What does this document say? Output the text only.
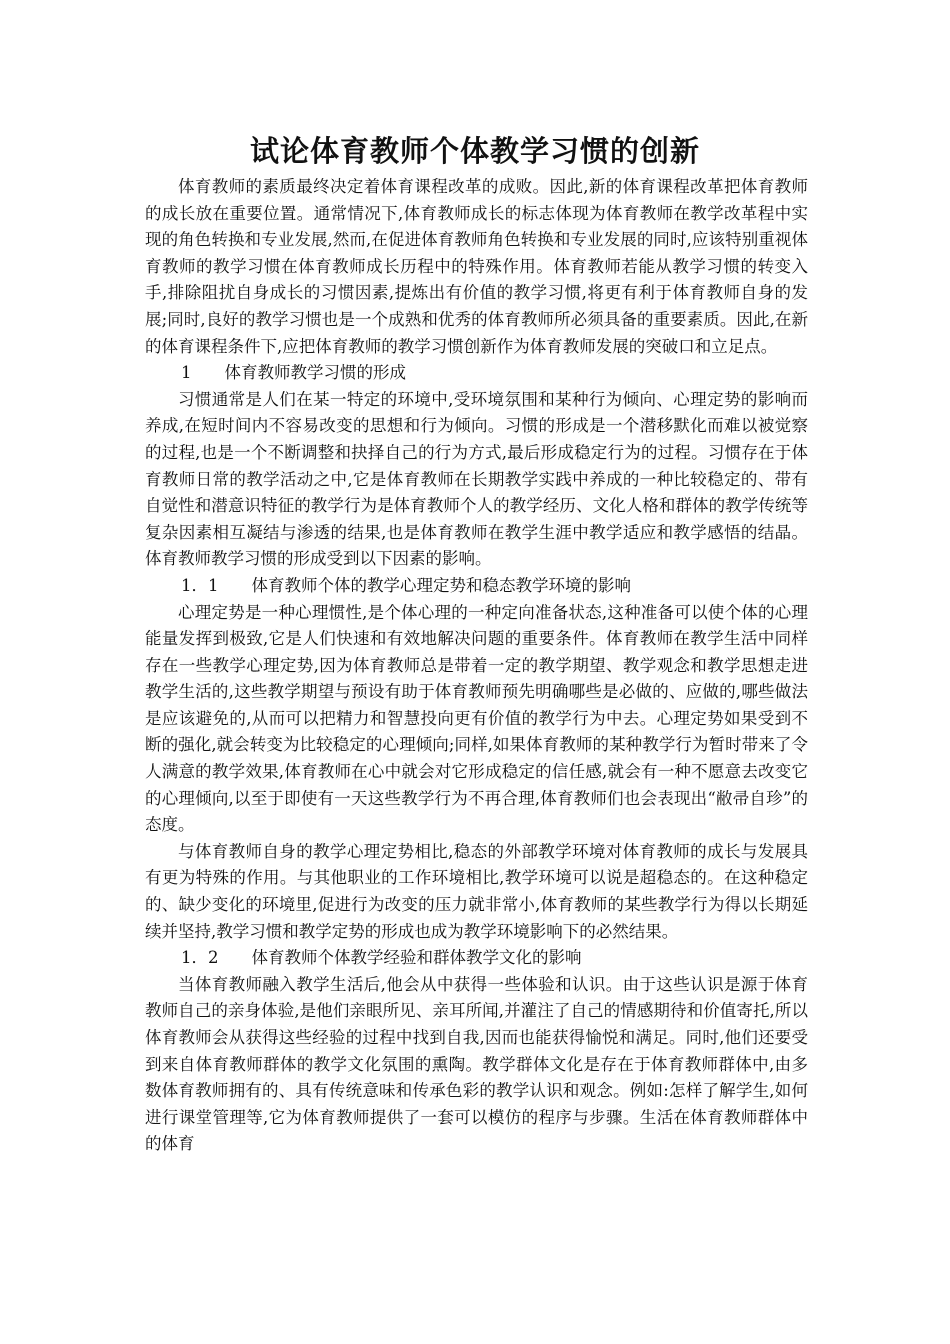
试论体育教师个体教学习惯的创新

体育教师的素质最终决定着体育课程改革的成败。因此,新的体育课程改革把体育教师的成长放在重要位置。通常情况下,体育教师成长的标志体现为体育教师在教学改革程中实现的角色转换和专业发展,然而,在促进体育教师角色转换和专业发展的同时,应该特别重视体育教师的教学习惯在体育教师成长历程中的特殊作用。体育教师若能从教学习惯的转变入手,排除阻扰自身成长的习惯因素,提炼出有价值的教学习惯,将更有利于体育教师自身的发展;同时,良好的教学习惯也是一个成熟和优秀的体育教师所必须具备的重要素质。因此,在新的体育课程条件下,应把体育教师的教学习惯创新作为体育教师发展的突破口和立足点。

1　　体育教师教学习惯的形成

习惯通常是人们在某一特定的环境中,受环境氛围和某种行为倾向、心理定势的影响而养成,在短时间内不容易改变的思想和行为倾向。习惯的形成是一个潜移默化而难以被觉察的过程,也是一个不断调整和抉择自己的行为方式,最后形成稳定行为的过程。习惯存在于体育教师日常的教学活动之中,它是体育教师在长期教学实践中养成的一种比较稳定的、带有自觉性和潜意识特征的教学行为是体育教师个人的教学经历、文化人格和群体的教学传统等复杂因素相互凝结与渗透的结果,也是体育教师在教学生涯中教学适应和教学感悟的结晶。体育教师教学习惯的形成受到以下因素的影响。

1．1　　体育教师个体的教学心理定势和稳态教学环境的影响

心理定势是一种心理惯性,是个体心理的一种定向准备状态,这种准备可以使个体的心理能量发挥到极致,它是人们快速和有效地解决问题的重要条件。体育教师在教学生活中同样存在一些教学心理定势,因为体育教师总是带着一定的教学期望、教学观念和教学思想走进教学生活的,这些教学期望与预设有助于体育教师预先明确哪些是必做的、应做的,哪些做法是应该避免的,从而可以把精力和智慧投向更有价值的教学行为中去。心理定势如果受到不断的强化,就会转变为比较稳定的心理倾向;同样,如果体育教师的某种教学行为暂时带来了令人满意的教学效果,体育教师在心中就会对它形成稳定的信任感,就会有一种不愿意去改变它的心理倾向,以至于即使有一天这些教学行为不再合理,体育教师们也会表现出“敝帚自珍”的态度。

与体育教师自身的教学心理定势相比,稳态的外部教学环境对体育教师的成长与发展具有更为特殊的作用。与其他职业的工作环境相比,教学环境可以说是超稳态的。在这种稳定的、缺少变化的环境里,促进行为改变的压力就非常小,体育教师的某些教学行为得以长期延续并坚持,教学习惯和教学定势的形成也成为教学环境影响下的必然结果。

1．2　　体育教师个体教学经验和群体教学文化的影响

当体育教师融入教学生活后,他会从中获得一些体验和认识。由于这些认识是源于体育教师自己的亲身体验,是他们亲眼所见、亲耳所闻,并灌注了自己的情感期待和价值寄托,所以体育教师会从获得这些经验的过程中找到自我,因而也能获得愉悦和满足。同时,他们还要受到来自体育教师群体的教学文化氛围的熏陶。教学群体文化是存在于体育教师群体中,由多数体育教师拥有的、具有传统意味和传承色彩的教学认识和观念。例如:怎样了解学生,如何进行课堂管理等,它为体育教师提供了一套可以模仿的程序与步骤。生活在体育教师群体中的体育
